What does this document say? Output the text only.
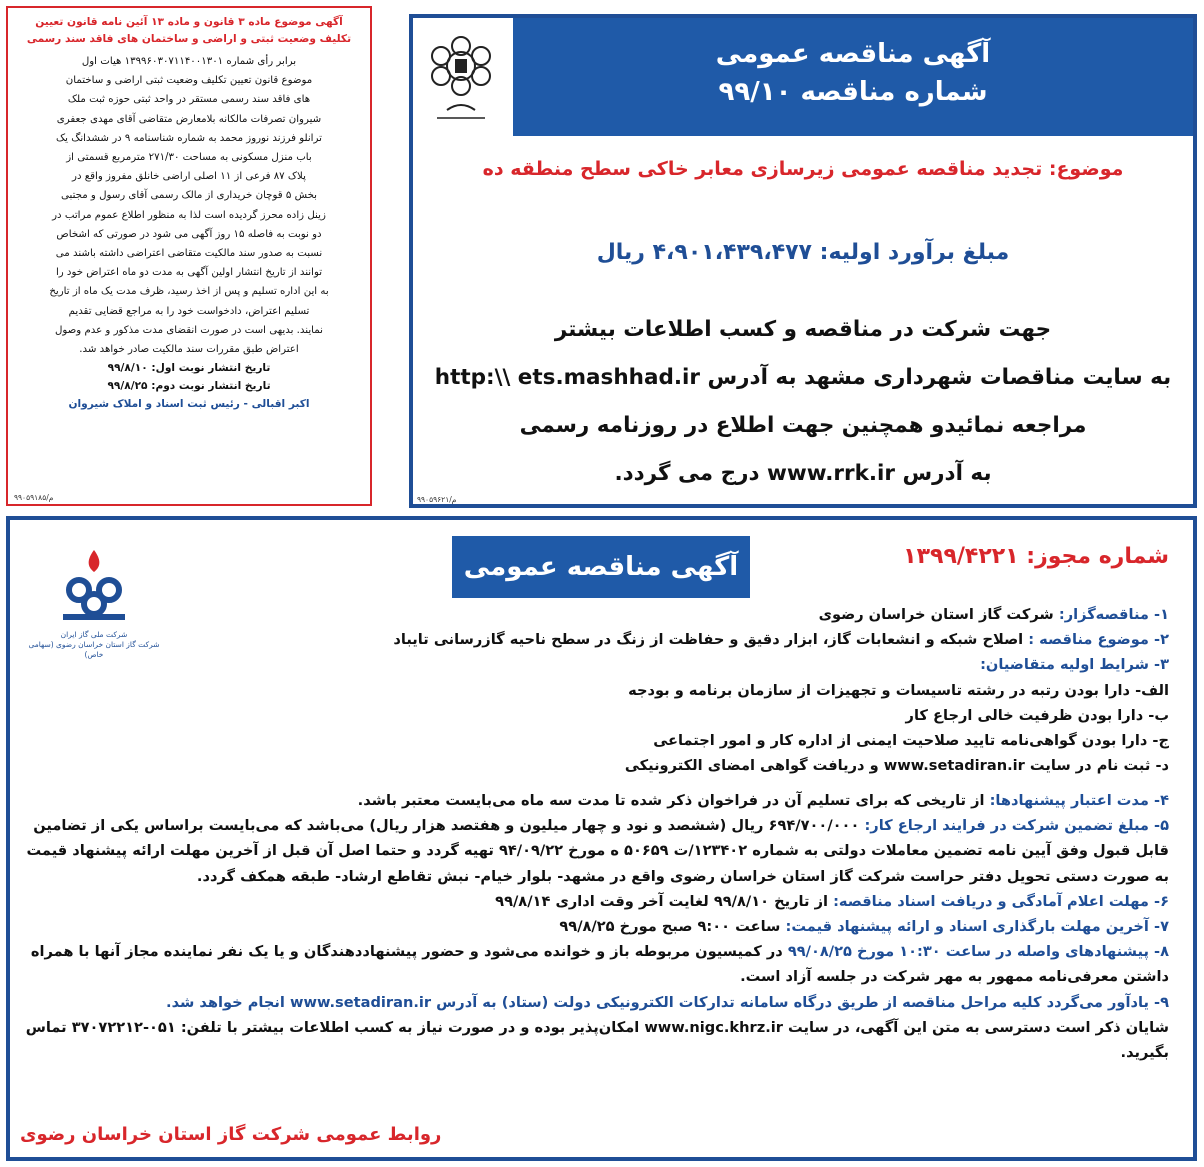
آگهی موضوع ماده ۳ قانون و ماده ۱۳ آئین نامه قانون تعیین
تکلیف وضعیت ثبتی و اراضی و ساختمان های فاقد سند رسمی
برابر رأی شماره ۱۳۹۹۶۰۳۰۷۱۱۴۰۰۱۳۰۱ هیات اول
موضوع قانون تعیین تکلیف وضعیت ثبتی اراضی و ساختمان
های فاقد سند رسمی مستقر در واحد ثبتی حوزه ثبت ملک
شیروان تصرفات مالکانه بلامعارض متقاضی آقای مهدی جعفری
ترانلو فرزند نوروز محمد به شماره شناسنامه ۹ در ششدانگ یک
باب منزل مسکونی به مساحت ۲۷۱/۳۰ مترمربع قسمتی از
پلاک ۸۷ فرعی از ۱۱ اصلی اراضی خانلق مفروز واقع در
بخش ۵ قوچان خریداری از مالک رسمی آقای رسول و مجتبی
زینل زاده محرز گردیده است لذا به منظور اطلاع عموم مراتب در
دو نوبت به فاصله ۱۵ روز آگهی می شود در صورتی که اشخاص
نسبت به صدور سند مالکیت متقاضی اعتراضی داشته باشند می
توانند از تاریخ انتشار اولین آگهی به مدت دو ماه اعتراض خود را
به این اداره تسلیم و پس از اخذ رسید، ظرف مدت یک ماه از تاریخ
تسلیم اعتراض، دادخواست خود را به مراجع قضایی تقدیم
نمایند. بدیهی است در صورت انقضای مدت مذکور و عدم وصول
اعتراض طبق مقررات سند مالکیت صادر خواهد شد.
تاریخ انتشار نوبت اول: ۹۹/۸/۱۰
تاریخ انتشار نوبت دوم: ۹۹/۸/۲۵
اکبر اقبالی - رئیس ثبت اسناد و املاک شیروان
۹۹۰۵۹۱۸۵/م
آگهی مناقصه عمومی
شماره مناقصه ۹۹/۱۰
موضوع: تجدید مناقصه عمومی زیرسازی معابر خاکی سطح منطقه ده
مبلغ برآورد اولیه: ۴،۹۰۱،۴۳۹،۴۷۷ ریال
جهت شرکت در مناقصه و کسب اطلاعات بیشتر
به سایت مناقصات شهرداری مشهد به آدرس http:\\ ets.mashhad.ir
مراجعه نمائیدو همچنین جهت اطلاع در روزنامه رسمی
به آدرس www.rrk.ir درج می گردد.
۹۹۰۵۹۶۲۱/م
آگهی مناقصه عمومی	شماره مجوز: ۱۳۹۹/۴۲۲۱
شرکت ملی گاز ایران
شرکت گاز استان خراسان رضوی (سهامی خاص)
۱- مناقصه‌گزار: شرکت گاز استان خراسان رضوی
۲- موضوع مناقصه : اصلاح شبکه و انشعابات گاز، ابزار دقیق و حفاظت از زنگ در سطح ناحیه گازرسانی تایباد
۳- شرایط اولیه متقاضیان:
الف- دارا بودن رتبه در رشته تاسیسات و تجهیزات از سازمان برنامه و بودجه
ب- دارا بودن ظرفیت خالی ارجاع کار
ج- دارا بودن گواهی‌نامه تایید صلاحیت ایمنی از اداره کار و امور اجتماعی
د- ثبت نام در سایت www.setadiran.ir و دریافت گواهی امضای الکترونیکی
۴- مدت اعتبار پیشنهادها: از تاریخی که برای تسلیم آن در فراخوان ذکر شده تا مدت سه ماه می‌بایست معتبر باشد.
۵- مبلغ تضمین شرکت در فرایند ارجاع کار: ۶۹۴/۷۰۰/۰۰۰ ریال (ششصد و نود و چهار میلیون و هفتصد هزار ریال) می‌باشد که می‌بایست براساس یکی از تضامین قابل قبول وفق آیین نامه تضمین معاملات دولتی به شماره ۱۲۳۴۰۲/ت ۵۰۶۵۹ ه مورخ ۹۴/۰۹/۲۲ تهیه گردد و حتما اصل آن قبل از آخرین مهلت ارائه پیشنهاد قیمت به صورت دستی تحویل دفتر حراست شرکت گاز استان خراسان رضوی واقع در مشهد- بلوار خیام- نبش تقاطع ارشاد- طبقه همکف گردد.
۶- مهلت اعلام آمادگی و دریافت اسناد مناقصه: از تاریخ ۹۹/۸/۱۰ لغایت آخر وقت اداری ۹۹/۸/۱۴
۷- آخرین مهلت بارگذاری اسناد و ارائه پیشنهاد قیمت: ساعت ۹:۰۰ صبح مورخ ۹۹/۸/۲۵
۸- پیشنهادهای واصله در ساعت ۱۰:۳۰ مورخ ۹۹/۰۸/۲۵ در کمیسیون مربوطه باز و خوانده می‌شود و حضور پیشنهاددهندگان و یا یک نفر نماینده مجاز آنها با همراه داشتن معرفی‌نامه ممهور به مهر شرکت در جلسه آزاد است.
۹- یادآور می‌گردد کلیه مراحل مناقصه از طریق درگاه سامانه تدارکات الکترونیکی دولت (ستاد) به آدرس www.setadiran.ir انجام خواهد شد.
شایان ذکر است دسترسی به متن این آگهی، در سایت www.nigc.khrz.ir امکان‌پذیر بوده و در صورت نیاز به کسب اطلاعات بیشتر با تلفن: ۰۵۱-۳۷۰۷۲۲۱۲ تماس بگیرید.
روابط عمومی شرکت گاز استان خراسان رضوی
